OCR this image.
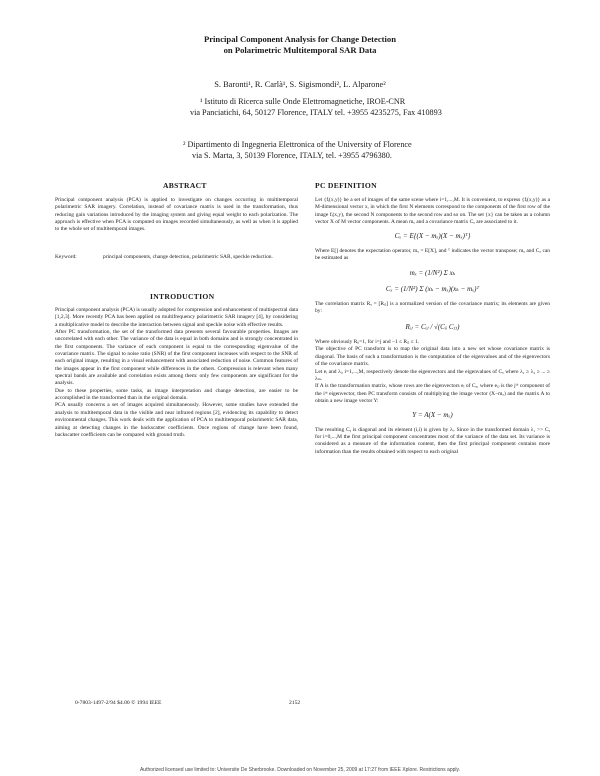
Principal Component Analysis for Change Detection
on Polarimetric Multitemporal SAR Data
S. Baronti¹, R. Carlà¹, S. Sigismondi², L. Alparone²
¹ Istituto di Ricerca sulle Onde Elettromagnetiche, IROE-CNR
via Panciatichi, 64, 50127 Florence, ITALY tel. +3955 4235275, Fax 410893
² Dipartimento di Ingegneria Elettronica of the University of Florence
via S. Marta, 3, 50139 Florence, ITALY, tel. +3955 4796380.
ABSTRACT

Principal component analysis (PCA) is applied to investigate on changes occurring in multitemporal polarimetric SAR imagery. Correlation, instead of covariance matrix is used in the transformation, thus reducing gain variations introduced by the imaging system and giving equal weight to each polarization. The approach is effective when PCA is computed on images recorded simultaneously, as well as when it is applied to the whole set of multitemporal images.

Keyword:	principal components, change detection, polarimetric SAR, speckle reduction.
INTRODUCTION

Principal component analysis (PCA) is usually adopted for compression and enhancement of multispectral data [1,2,3]. More recently PCA has been applied on multifrequency polarimetric SAR imagery [4], by considering a multiplicative model to describe the interaction between signal and speckle noise with effective results.

After PC transformation, the set of the transformed data presents several favourable properties. Images are uncorrelated with each other. The variance of the data is equal in both domains and is strongly concentrated in the first components. The variance of each component is equal to the corresponding eigenvalue of the covariance matrix. The signal to noise ratio (SNR) of the first component increases with respect to the SNR of each original image, resulting in a visual enhancement with associated reduction of noise. Common features of the images appear in the first component while differences in the others. Compression is relevant when many spectral bands are available and correlation exists among them: only few components are significant for the analysis.

Due to these properties, some tasks, as image interpretation and change detection, are easier to be accomplished in the transformed than in the original domain.

PCA usually concerns a set of images acquired simultaneously. However, some studies have extended the analysis to multitemporal data in the visible and near infrared regions [2], evidencing its capability to detect environmental changes. This work deals with the application of PCA to multitemporal polarimetric SAR data, aiming at detecting changes in the backscatter coefficients. Once regions of change have been found, backscatter coefficients can be compared with ground truth.

PC DEFINITION

Let {fᵢ(x,y)} be a set of images of the same scene where i=1,...,M. It is convenient, to express {fᵢ(x,y)} as a M-dimensional vector x, in which the first N elements correspond to the components of the first row of the image fᵢ(x,y), the second N components to the second row and so on. The set {x} can be taken as a column vector X of M vector components. A mean mₓ and a covariance matrix Cₓ are associated to it.

Cₓ = E{(X − mₓ)(X − mₓ)ᵀ}

Where E[] denotes the expectation operator, mₓ = E[X], and ᵀ indicates the vector transpose; mₓ and Cₓ can be estimated as

mₓ = (1/N²) Σ xₖ

Cₓ = (1/N²) Σ (xₖ − mₓ)(xₖ − mₓ)ᵀ

The correlation matrix Rₓ = [Rᵢⱼ] is a normalized version of the covariance matrix; its elements are given by:

Rᵢⱼ = Cᵢⱼ / √(Cᵢᵢ Cⱼⱼ)

Where obviously Rᵢᵢ=1, for i=j and −1 ≤ Rᵢⱼ ≤ 1.

The objective of PC transform is to map the original data into a new set whose covariance matrix is diagonal. The basis of such a transformation is the computation of the eigenvalues and of the eigenvectors of the covariance matrix.

Let eᵢ and λᵢ, i=1,...,M, respectively denote the eigenvectors and the eigenvalues of Cₓ where λ₁ ≥ λ₂ ≥ ... ≥ λₘ.

If A is the transformation matrix, whose rows are the eigenvectors eᵢ of Cₓ, where eᵢⱼ is the jᵗʰ component of the iᵗʰ eigenvector, then PC transform consists of multiplying the image vector (X−mₓ) and the matrix A to obtain a new image vector Y:

Y = A(X − mₓ)

The resulting Cᵧ is diagonal and its element (i,i) is given by λᵢ. Since in the transformed domain λ₁ >> Cᵧ for i=0,...,M the first principal component concentrates most of the variance of the data set. Its variance is considered as a measure of the information content, then the first principal component contains more information than the results obtained with respect to each original

0-7803-1497-2/94 $4.00 © 1994 IEEE	2152
Authorized licensed use limited to: Universite De Sherbrooke. Downloaded on November 25, 2009 at 17:27 from IEEE Xplore. Restrictions apply.
